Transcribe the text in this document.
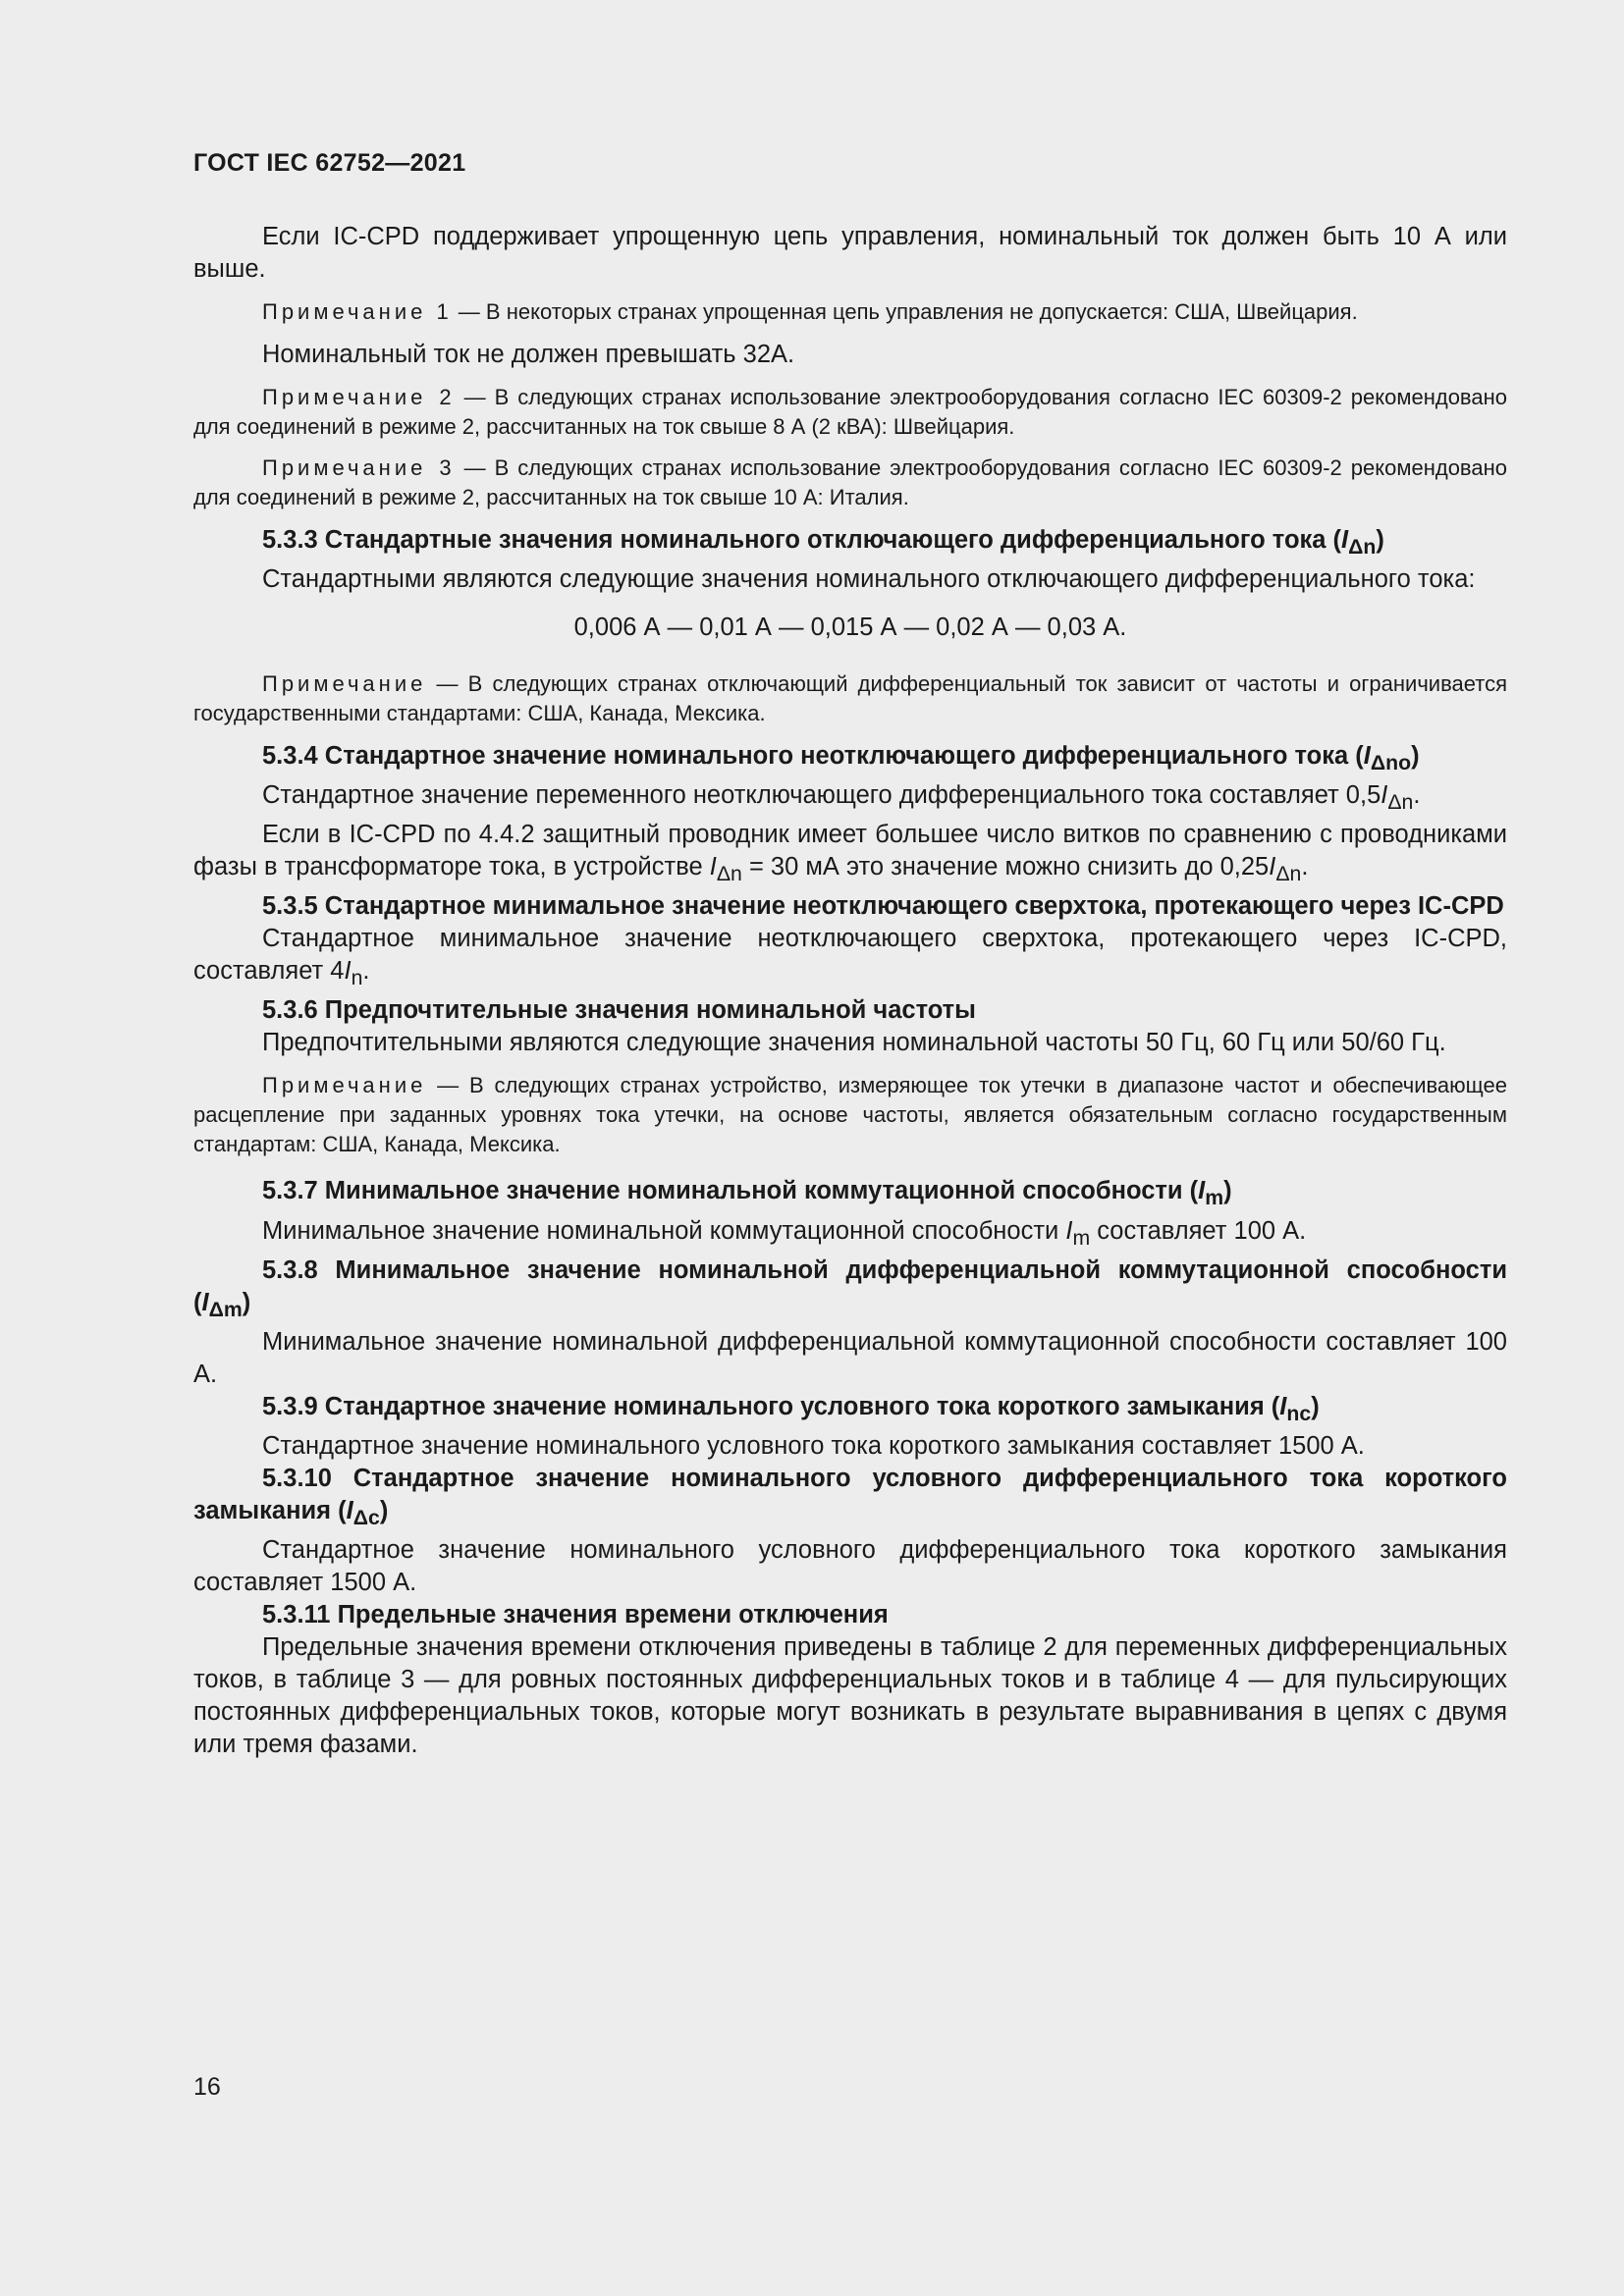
ГОСТ IEC 62752—2021

Если IC-CPD поддерживает упрощенную цепь управления, номинальный ток должен быть 10 А или выше.

Примечание 1 — В некоторых странах упрощенная цепь управления не допускается: США, Швейцария.

Номинальный ток не должен превышать 32А.

Примечание 2 — В следующих странах использование электрооборудования согласно IEC 60309-2 рекомендовано для соединений в режиме 2, рассчитанных на ток свыше 8 А (2 кВА): Швейцария.

Примечание 3 — В следующих странах использование электрооборудования согласно IEC 60309-2 рекомендовано для соединений в режиме 2, рассчитанных на ток свыше 10 А: Италия.

5.3.3 Стандартные значения номинального отключающего дифференциального тока $(I_{\Delta n})$

Стандартными являются следующие значения номинального отключающего дифференциального тока:

0,006 А — 0,01 А — 0,015 А — 0,02 А — 0,03 А.

Примечание — В следующих странах отключающий дифференциальный ток зависит от частоты и ограничивается государственными стандартами: США, Канада, Мексика.

5.3.4 Стандартное значение номинального неотключающего дифференциального тока $(I_{\Delta no})$

Стандартное значение переменного неотключающего дифференциального тока составляет $0,5I_{\Delta n}$.

Если в IC-CPD по 4.4.2 защитный проводник имеет большее число витков по сравнению с проводниками фазы в трансформаторе тока, в устройстве $I_{\Delta n} = 30$ мА это значение можно снизить до $0,25I_{\Delta n}$.

5.3.5 Стандартное минимальное значение неотключающего сверхтока, протекающего через IC-CPD

Стандартное минимальное значение неотключающего сверхтока, протекающего через IC-CPD, составляет $4I_n$.

5.3.6 Предпочтительные значения номинальной частоты

Предпочтительными являются следующие значения номинальной частоты 50 Гц, 60 Гц или 50/60 Гц.

Примечание — В следующих странах устройство, измеряющее ток утечки в диапазоне частот и обеспечивающее расцепление при заданных уровнях тока утечки, на основе частоты, является обязательным согласно государственным стандартам: США, Канада, Мексика.

5.3.7 Минимальное значение номинальной коммутационной способности $(I_m)$

Минимальное значение номинальной коммутационной способности $I_m$ составляет 100 А.

5.3.8 Минимальное значение номинальной дифференциальной коммутационной способности $(I_{\Delta m})$

Минимальное значение номинальной дифференциальной коммутационной способности составляет 100 А.

5.3.9 Стандартное значение номинального условного тока короткого замыкания $(I_{nc})$

Стандартное значение номинального условного тока короткого замыкания составляет 1500 А.

5.3.10 Стандартное значение номинального условного дифференциального тока короткого замыкания $(I_{\Delta c})$

Стандартное значение номинального условного дифференциального тока короткого замыкания составляет 1500 А.

5.3.11 Предельные значения времени отключения

Предельные значения времени отключения приведены в таблице 2 для переменных дифференциальных токов, в таблице 3 — для ровных постоянных дифференциальных токов и в таблице 4 — для пульсирующих постоянных дифференциальных токов, которые могут возникать в результате выравнивания в цепях с двумя или тремя фазами.

16
